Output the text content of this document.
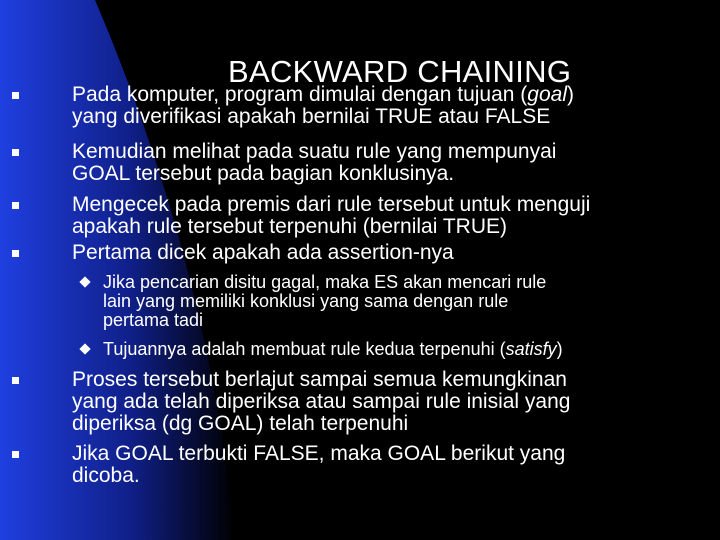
BACKWARD CHAINING
Pada komputer, program dimulai dengan tujuan (goal)
yang diverifikasi apakah bernilai TRUE atau FALSE
Kemudian melihat pada suatu rule yang mempunyai
GOAL tersebut pada bagian konklusinya.
Mengecek pada premis dari rule tersebut untuk menguji
apakah rule tersebut terpenuhi (bernilai TRUE)
Pertama dicek apakah ada assertion-nya
Jika pencarian disitu gagal, maka ES akan mencari rule
lain yang memiliki konklusi yang sama dengan rule
pertama tadi
Tujuannya adalah membuat rule kedua terpenuhi (satisfy)
Proses tersebut berlajut sampai semua kemungkinan
yang ada telah diperiksa atau sampai rule inisial yang
diperiksa (dg GOAL) telah terpenuhi
Jika GOAL terbukti FALSE, maka GOAL berikut yang
dicoba.
